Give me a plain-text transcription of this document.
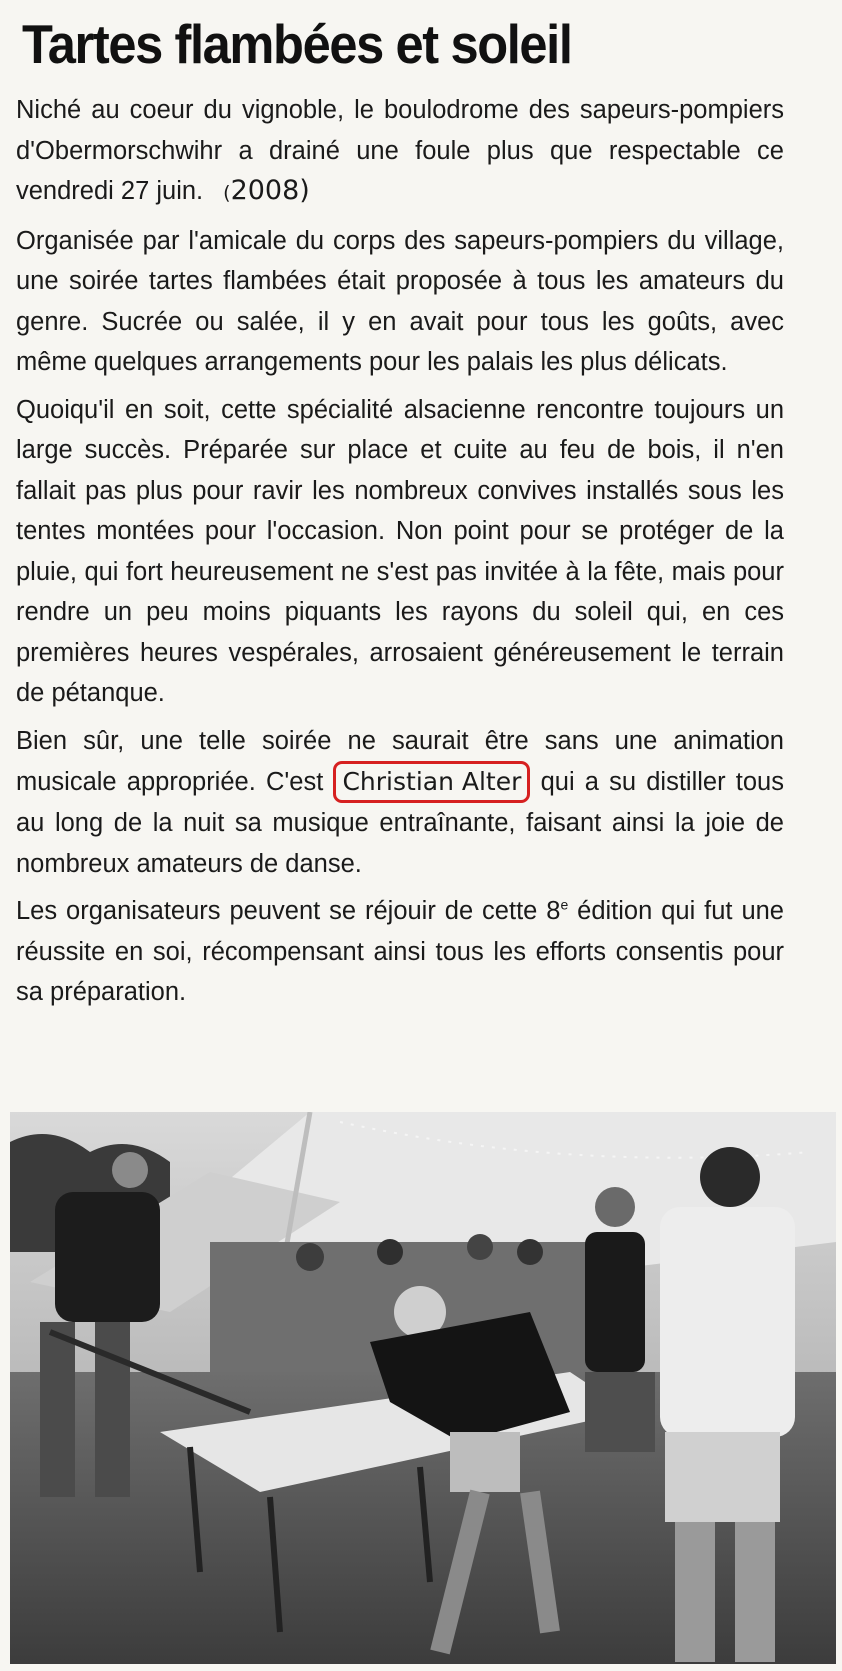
Tartes flambées et soleil

Niché au coeur du vignoble, le boulodrome des sapeurs-pompiers d'Obermorschwihr a drainé une foule plus que respectable ce vendredi 27 juin. (2008)

Organisée par l'amicale du corps des sapeurs-pompiers du village, une soirée tartes flambées était proposée à tous les amateurs du genre. Sucrée ou salée, il y en avait pour tous les goûts, avec même quelques arrangements pour les palais les plus délicats.

Quoiqu'il en soit, cette spécialité alsacienne rencontre toujours un large succès. Préparée sur place et cuite au feu de bois, il n'en fallait pas plus pour ravir les nombreux convives installés sous les tentes montées pour l'occasion. Non point pour se protéger de la pluie, qui fort heureusement ne s'est pas invitée à la fête, mais pour rendre un peu moins piquants les rayons du soleil qui, en ces premières heures vespérales, arrosaient généreusement le terrain de pétanque.

Bien sûr, une telle soirée ne saurait être sans une animation musicale appropriée. C'est Christian Alter qui a su distiller tous au long de la nuit sa musique entraînante, faisant ainsi la joie de nombreux amateurs de danse.

Les organisateurs peuvent se réjouir de cette 8e édition qui fut une réussite en soi, récompensant ainsi tous les efforts consentis pour sa préparation.
